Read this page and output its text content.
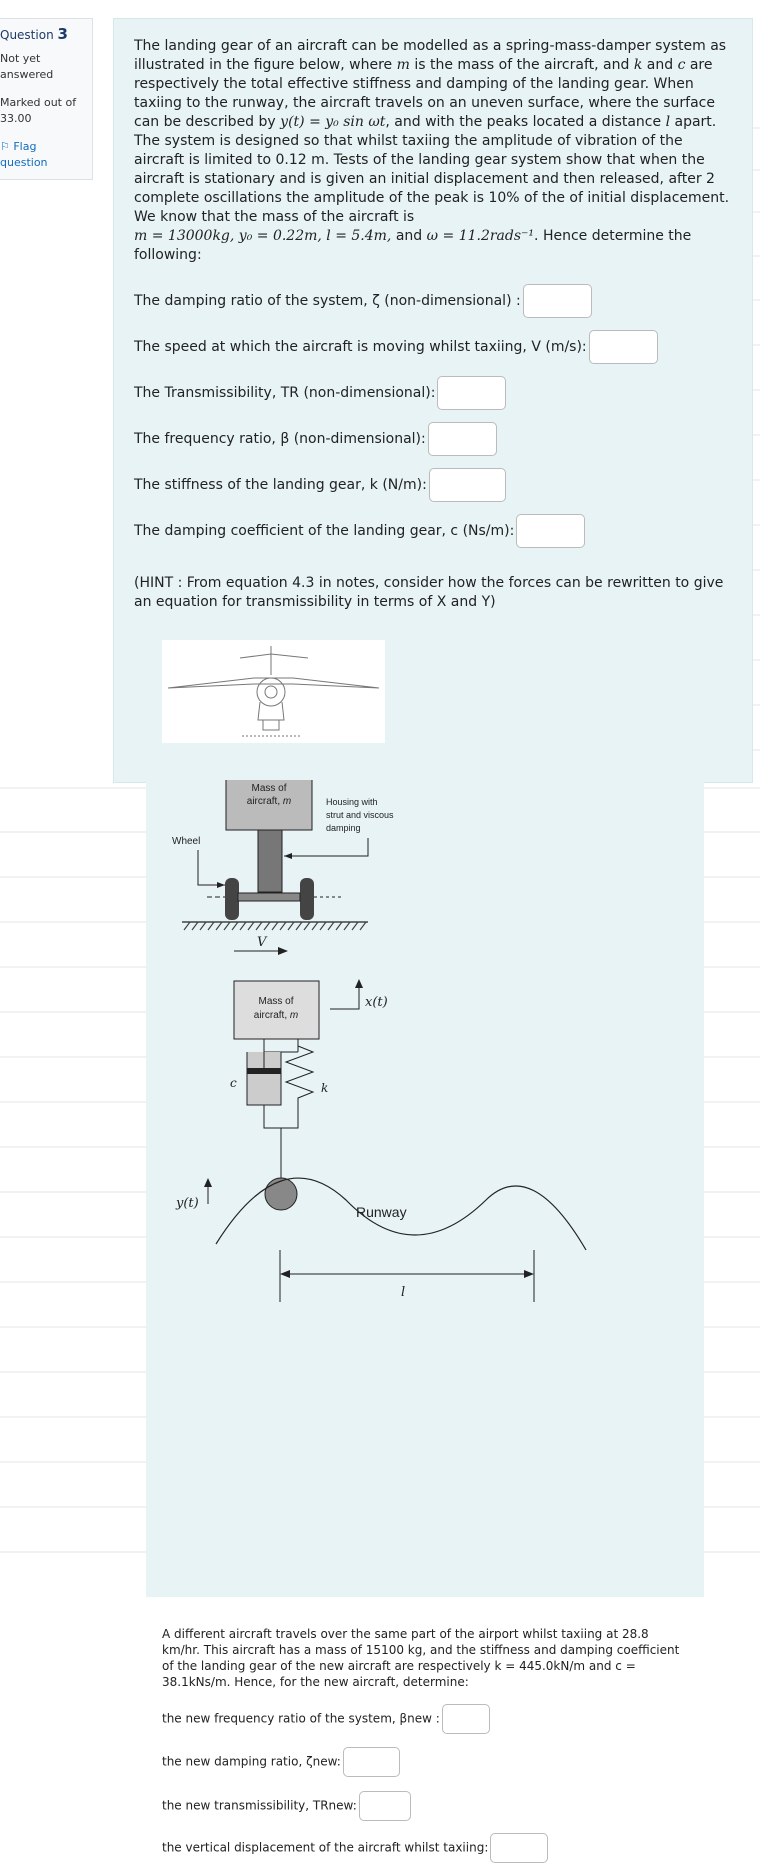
Question 3
Not yet answered
Marked out of 33.00
⚐ Flag question
The landing gear of an aircraft can be modelled as a spring-mass-damper system as illustrated in the figure below, where m is the mass of the aircraft, and k and c are respectively the total effective stiffness and damping of the landing gear. When taxiing to the runway, the aircraft travels on an uneven surface, where the surface can be described by y(t) = y₀ sin ωt, and with the peaks located a distance l apart. The system is designed so that whilst taxiing the amplitude of vibration of the aircraft is limited to 0.12 m. Tests of the landing gear system show that when the aircraft is stationary and is given an initial displacement and then released, after 2 complete oscillations the amplitude of the peak is 10% of the of initial displacement. We know that the mass of the aircraft is
m = 13000kg, y₀ = 0.22m, l = 5.4m, and ω = 11.2rads⁻¹. Hence determine the following:
The damping ratio of the system, ζ (non-dimensional) :
The speed at which the aircraft is moving whilst taxiing, V (m/s):
The Transmissibility, TR (non-dimensional):
The frequency ratio, β (non-dimensional):
The stiffness of the landing gear, k (N/m):
The damping coefficient of the landing gear, c (Ns/m):
(HINT : From equation 4.3 in notes, consider how the forces can be rewritten to give an equation for transmissibility in terms of X and Y)
Mass of
aircraft, m	Housing with strut and viscous damping
Wheel
V
Mass of
aircraft, m
x(t)
c	k
y(t)
Runway
l
A different aircraft travels over the same part of the airport whilst taxiing at 28.8 km/hr. This aircraft has a mass of 15100 kg, and the stiffness and damping coefficient of the landing gear of the new aircraft are respectively k = 445.0kN/m and c = 38.1kNs/m. Hence, for the new aircraft, determine:
the new frequency ratio of the system, βnew :
the new damping ratio, ζnew:
the new transmissibility, TRnew:
the vertical displacement of the aircraft whilst taxiing:
